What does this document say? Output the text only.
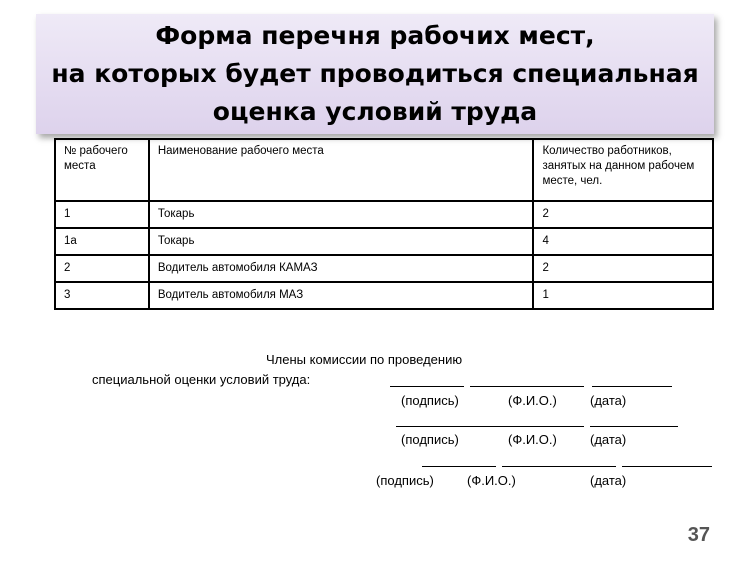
Форма перечня рабочих мест,
на которых будет проводиться специальная
оценка условий труда
№ рабочего места	Наименование рабочего места	Количество работников, занятых на данном рабочем месте, чел.
1	Токарь	2
1а	Токарь	4
2	Водитель автомобиля КАМАЗ	2
3	Водитель автомобиля МАЗ	1
Члены комиссии по проведению
специальной оценки условий труда:
(подпись)	(Ф.И.О.)	(дата)
(подпись)	(Ф.И.О.)	(дата)
(подпись)	(Ф.И.О.)	(дата)
37
